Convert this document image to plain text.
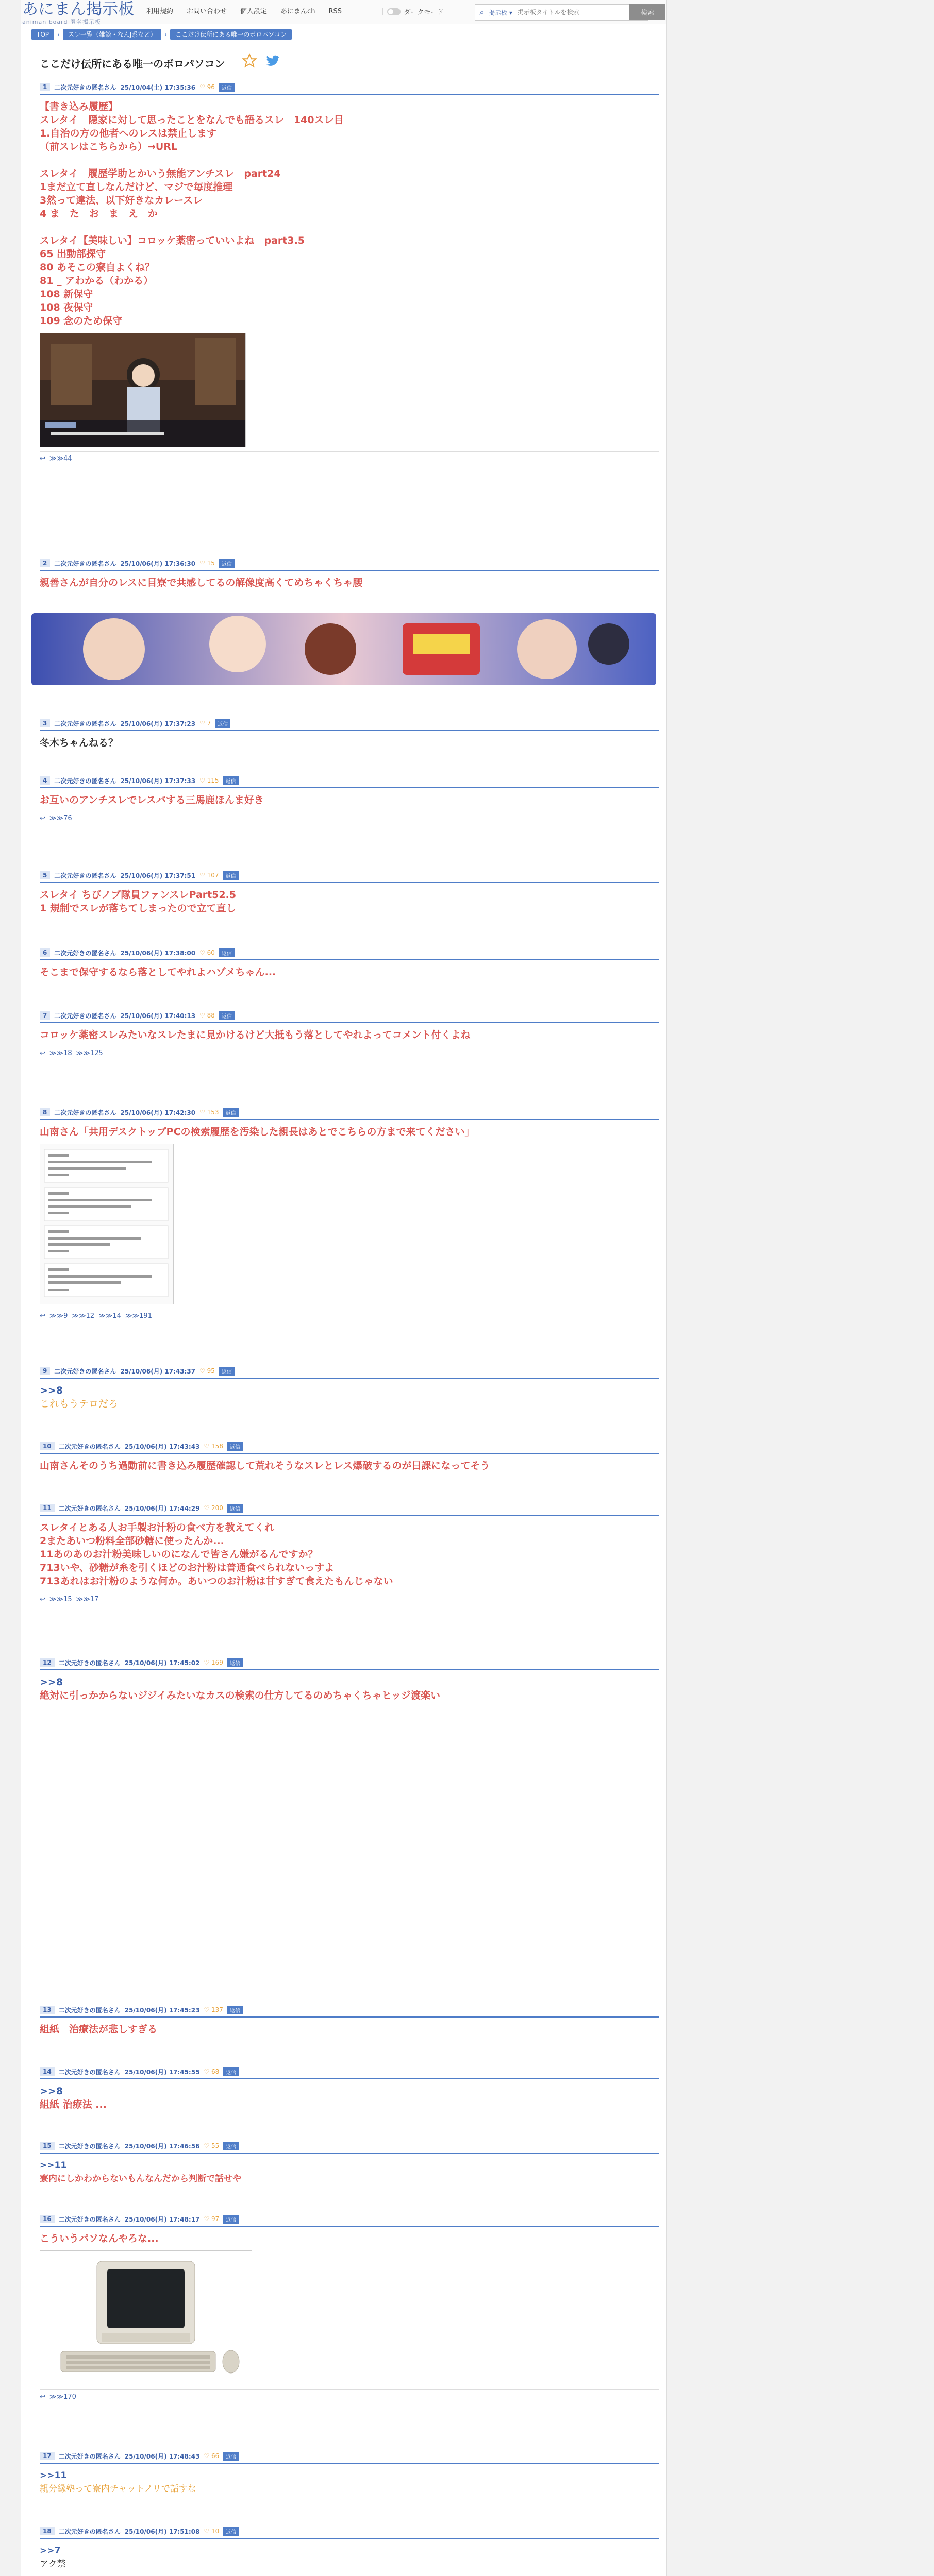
あにまん掲示板
animan board 匿名掲示板
利用規約	お問い合わせ	個人設定	あにまんch	RSS	|	ダークモード	⌕ 掲示板 ▾
掲示板タイトルを検索	検索
TOP	›	スレ一覧（雑談・なんJ系など）	›	ここだけ伝所にある唯一のボロパソコン
ここだけ伝所にある唯一のボロパソコン
1	二次元好きの匿名さん 25/10/04(土) 17:35:36 ♡ 96	返信
【書き込み履歴】
スレタイ　隠家に対して思ったことをなんでも語るスレ　140スレ目
1.自治の方の他者へのレスは禁止します
（前スレはこちらから）→URL

スレタイ　履歴学助とかいう無能アンチスレ　part24
1まだ立て直しなんだけど、マジで毎度推理
3然って違法、以下好きなカレースレ
4 ま　た　お　ま　え　か

スレタイ【美味しい】コロッケ薬密っていいよね　part3.5
65 出動部探守
80 あそこの寮自よくね？
81 _ アわかる（わかる）
108 新保守
108 夜保守
109 念のため保守
↩ ≫≫44
2	二次元好きの匿名さん 25/10/06(月) 17:36:30 ♡ 15	返信
親善さんが自分のレスに目寮で共感してるの解像度高くてめちゃくちゃ腰
3	二次元好きの匿名さん 25/10/06(月) 17:37:23 ♡ 7	返信
冬木ちゃんねる？
4	二次元好きの匿名さん 25/10/06(月) 17:37:33 ♡ 115	返信
お互いのアンチスレでレスバする三馬鹿ほんま好き
↩ ≫≫76
5	二次元好きの匿名さん 25/10/06(月) 17:37:51 ♡ 107	返信
スレタイ ちびノブ隊員ファンスレPart52.5
1 規制でスレが落ちてしまったので立て直し
6	二次元好きの匿名さん 25/10/06(月) 17:38:00 ♡ 60	返信
そこまで保守するなら落としてやれよハゾメちゃん...
7	二次元好きの匿名さん 25/10/06(月) 17:40:13 ♡ 88	返信
コロッケ薬密スレみたいなスレたまに見かけるけど大抵もう落としてやれよってコメント付くよね
↩ ≫≫18 ≫≫125
8	二次元好きの匿名さん 25/10/06(月) 17:42:30 ♡ 153	返信
山南さん「共用デスクトップPCの検索履歴を汚染した親長はあとでこちらの方まで来てください」
↩ ≫≫9 ≫≫12 ≫≫14 ≫≫191
9	二次元好きの匿名さん 25/10/06(月) 17:43:37 ♡ 95	返信
>>8
これもうテロだろ
10	二次元好きの匿名さん 25/10/06(月) 17:43:43 ♡ 158	返信
山南さんそのうち過動前に書き込み履歴確認して荒れそうなスレとレス爆破するのが日課になってそう
11	二次元好きの匿名さん 25/10/06(月) 17:44:29 ♡ 200	返信
スレタイとある人お手製お汁粉の食べ方を教えてくれ
2またあいつ粉料全部砂糖に使ったんか...
11あのあのお汁粉美味しいのになんで皆さん嫌がるんですか？
713いや、砂糖が糸を引くほどのお汁粉は普通食べられないっすよ
713あれはお汁粉のような何か。あいつのお汁粉は甘すぎて食えたもんじゃない
↩ ≫≫15 ≫≫17
12	二次元好きの匿名さん 25/10/06(月) 17:45:02 ♡ 169	返信
>>8
絶対に引っかからないジジイみたいなカスの検索の仕方してるのめちゃくちゃヒッジ渡楽い
13	二次元好きの匿名さん 25/10/06(月) 17:45:23 ♡ 137	返信
組紙　治療法が悲しすぎる
14	二次元好きの匿名さん 25/10/06(月) 17:45:55 ♡ 68	返信
>>8
組紙 治療法 ...
15	二次元好きの匿名さん 25/10/06(月) 17:46:56 ♡ 55	返信
>>11
寮内にしかわからないもんなんだから判断で話せや
16	二次元好きの匿名さん 25/10/06(月) 17:48:17 ♡ 97	返信
こういうパソなんやろな...
↩ ≫≫170
17	二次元好きの匿名さん 25/10/06(月) 17:48:43 ♡ 66	返信
>>11
親分縁塾って寮内チャットノリで話すな
18	二次元好きの匿名さん 25/10/06(月) 17:51:08 ♡ 10	返信
>>7
アク禁
